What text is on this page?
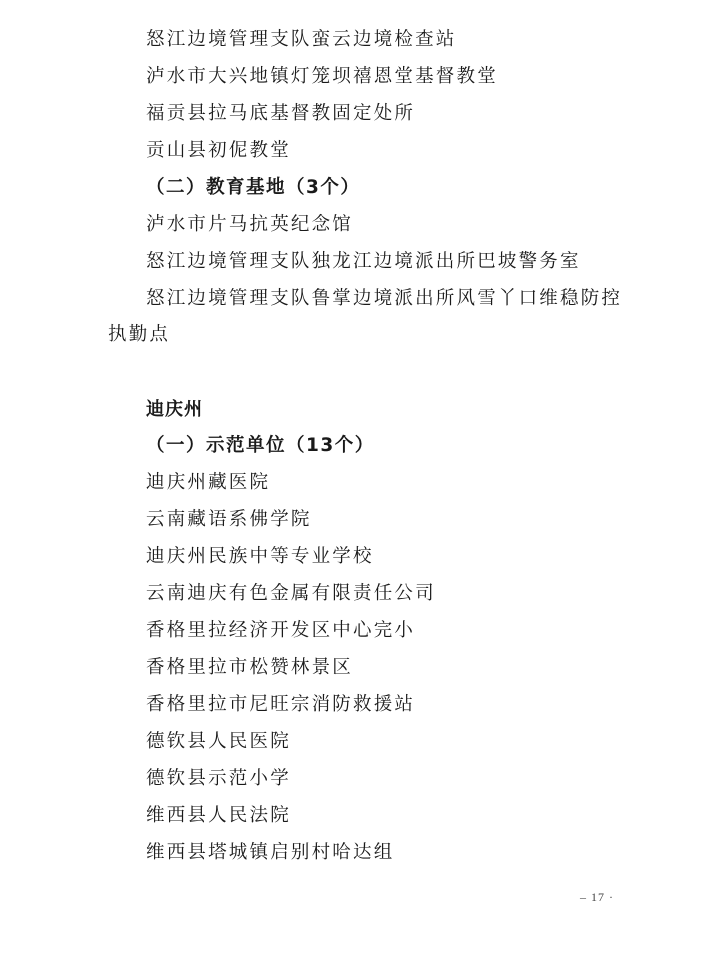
怒江边境管理支队蛮云边境检查站
泸水市大兴地镇灯笼坝禧恩堂基督教堂
福贡县拉马底基督教固定处所
贡山县初伲教堂
（二）教育基地（3个）
泸水市片马抗英纪念馆
怒江边境管理支队独龙江边境派出所巴坡警务室
怒江边境管理支队鲁掌边境派出所风雪丫口维稳防控
执勤点
迪庆州
（一）示范单位（13个）
迪庆州藏医院
云南藏语系佛学院
迪庆州民族中等专业学校
云南迪庆有色金属有限责任公司
香格里拉经济开发区中心完小
香格里拉市松赞林景区
香格里拉市尼旺宗消防救援站
德钦县人民医院
德钦县示范小学
维西县人民法院
维西县塔城镇启别村哈达组
– 17 ·
